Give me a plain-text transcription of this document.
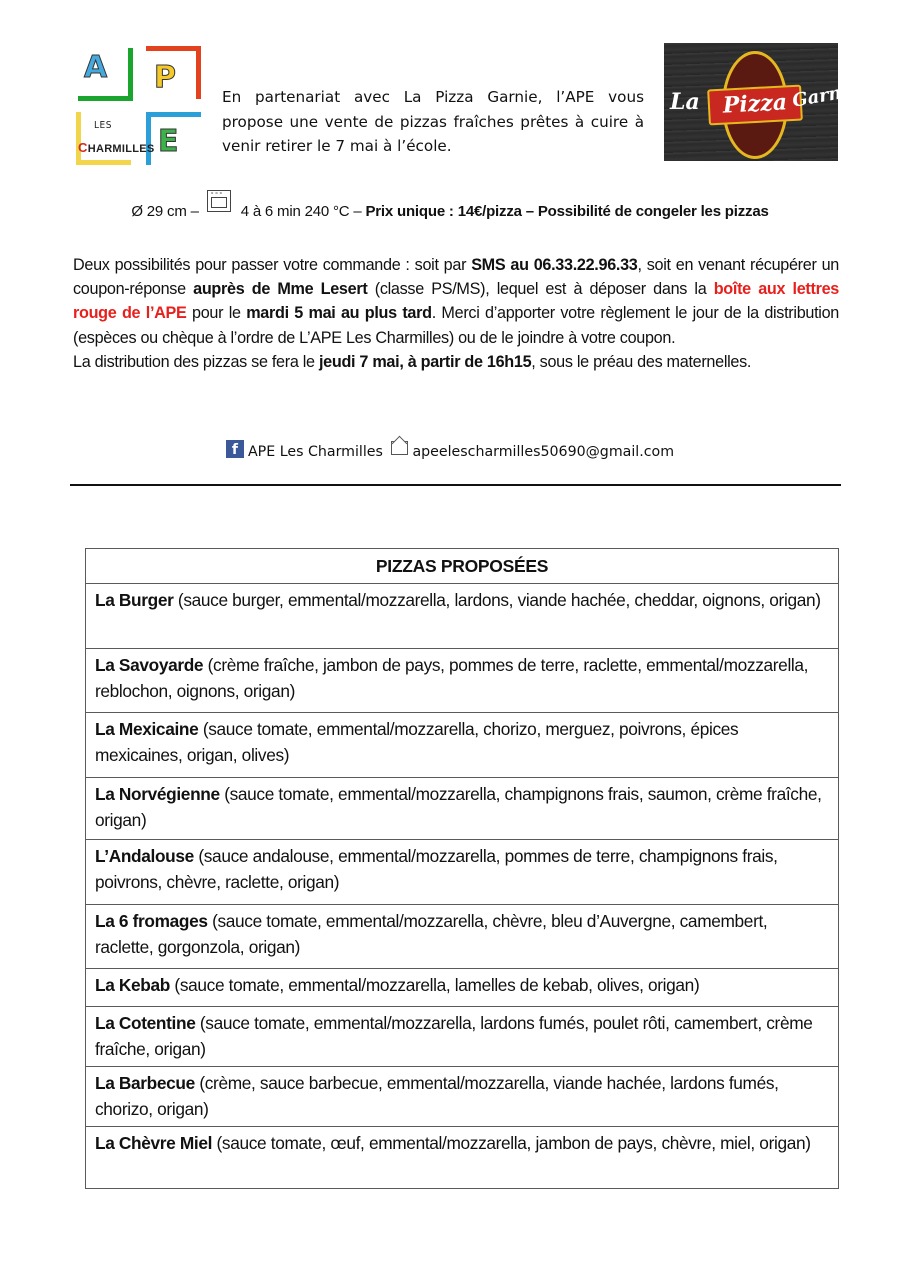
A P
E
LES
CHARMILLES
En partenariat avec La Pizza Garnie, l’APE vous propose une vente de pizzas fraîches prêtes à cuire à venir retirer le 7 mai à l’école.
Pizza
La	Garnie
Ø 29 cm – ° ° °	4 à 6 min 240 °C – Prix unique : 14€/pizza – Possibilité de congeler les pizzas

Deux possibilités pour passer votre commande : soit par SMS au 06.33.22.96.33, soit en venant récupérer un coupon-réponse auprès de Mme Lesert (classe PS/MS), lequel est à déposer dans la boîte aux lettres rouge de l’APE pour le mardi 5 mai au plus tard. Merci d’apporter votre règlement le jour de la distribution (espèces ou chèque à l’ordre de L’APE Les Charmilles) ou de le joindre à votre coupon.

La distribution des pizzas se fera le jeudi 7 mai, à partir de 16h15, sous le préau des maternelles.

f APE Les Charmilles apeelescharmilles50690@gmail.com
PIZZAS PROPOSÉES
La Burger (sauce burger, emmental/mozzarella, lardons, viande hachée, cheddar, oignons, origan)
La Savoyarde (crème fraîche, jambon de pays, pommes de terre, raclette, emmental/mozzarella, reblochon, oignons, origan)
La Mexicaine (sauce tomate, emmental/mozzarella, chorizo, merguez, poivrons, épices mexicaines, origan, olives)
La Norvégienne (sauce tomate, emmental/mozzarella, champignons frais, saumon, crème fraîche, origan)
L’Andalouse (sauce andalouse, emmental/mozzarella, pommes de terre, champignons frais, poivrons, chèvre, raclette, origan)
La 6 fromages (sauce tomate, emmental/mozzarella, chèvre, bleu d’Auvergne, camembert, raclette, gorgonzola, origan)
La Kebab (sauce tomate, emmental/mozzarella, lamelles de kebab, olives, origan)
La Cotentine (sauce tomate, emmental/mozzarella, lardons fumés, poulet rôti, camembert, crème fraîche, origan)
La Barbecue (crème, sauce barbecue, emmental/mozzarella, viande hachée, lardons fumés, chorizo, origan)
La Chèvre Miel (sauce tomate, œuf, emmental/mozzarella, jambon de pays, chèvre, miel, origan)
